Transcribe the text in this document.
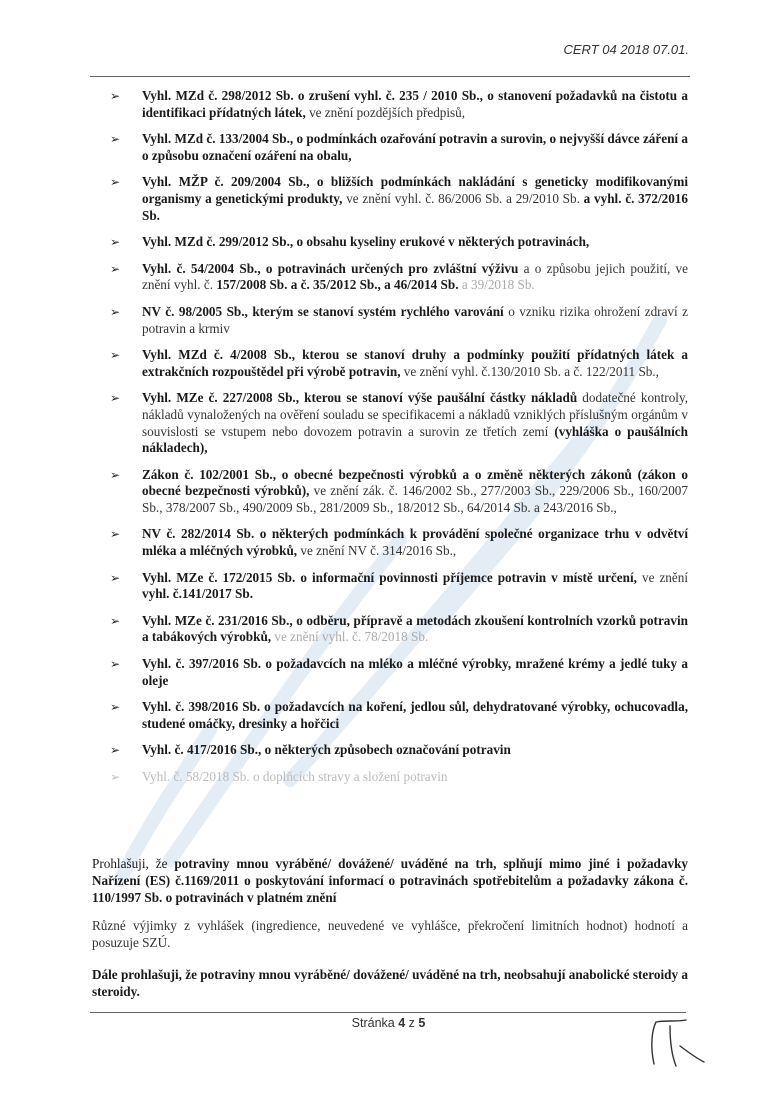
CERT 04 2018 07.01.
➢ Vyhl. MZd č. 298/2012 Sb. o zrušení vyhl. č. 235 / 2010 Sb., o stanovení požadavků na čistotu a identifikaci přídatných látek, ve znění pozdějších předpisů,
➢ Vyhl. MZd č. 133/2004 Sb., o podmínkách ozařování potravin a surovin, o nejvyšší dávce záření a o způsobu označení ozáření na obalu,
➢ Vyhl. MŽP č. 209/2004 Sb., o bližších podmínkách nakládání s geneticky modifikovanými organismy a genetickými produkty, ve znění vyhl. č. 86/2006 Sb. a 29/2010 Sb. a vyhl. č. 372/2016 Sb.
➢ Vyhl. MZd č. 299/2012 Sb., o obsahu kyseliny erukové v některých potravinách,
➢ Vyhl. č. 54/2004 Sb., o potravinách určených pro zvláštní výživu a o způsobu jejich použití, ve znění vyhl. č. 157/2008 Sb. a č. 35/2012 Sb., a 46/2014 Sb. a 39/2018 Sb.
➢ NV č. 98/2005 Sb., kterým se stanoví systém rychlého varování o vzniku rizika ohrožení zdraví z potravin a krmiv
➢ Vyhl. MZd č. 4/2008 Sb., kterou se stanoví druhy a podmínky použití přídatných látek a extrakčních rozpouštědel při výrobě potravin, ve znění vyhl. č.130/2010 Sb. a č. 122/2011 Sb.,
➢ Vyhl. MZe č. 227/2008 Sb., kterou se stanoví výše paušální částky nákladů dodatečné kontroly, nákladů vynaložených na ověření souladu se specifikacemi a nákladů vzniklých příslušným orgánům v souvislosti se vstupem nebo dovozem potravin a surovin ze třetích zemí (vyhláška o paušálních nákladech),
➢ Zákon č. 102/2001 Sb., o obecné bezpečnosti výrobků a o změně některých zákonů (zákon o obecné bezpečnosti výrobků), ve znění zák. č. 146/2002 Sb., 277/2003 Sb., 229/2006 Sb., 160/2007 Sb., 378/2007 Sb., 490/2009 Sb., 281/2009 Sb., 18/2012 Sb., 64/2014 Sb. a 243/2016 Sb.,
➢ NV č. 282/2014 Sb. o některých podmínkách k provádění společné organizace trhu v odvětví mléka a mléčných výrobků, ve znění NV č. 314/2016 Sb.,
➢ Vyhl. MZe č. 172/2015 Sb. o informační povinnosti příjemce potravin v místě určení, ve znění vyhl. č.141/2017 Sb.
➢ Vyhl. MZe č. 231/2016 Sb., o odběru, přípravě a metodách zkoušení kontrolních vzorků potravin a tabákových výrobků, ve znění vyhl. č. 78/2018 Sb.
➢ Vyhl. č. 397/2016 Sb. o požadavcích na mléko a mléčné výrobky, mražené krémy a jedlé tuky a oleje
➢ Vyhl. č. 398/2016 Sb. o požadavcích na koření, jedlou sůl, dehydratované výrobky, ochucovadla, studené omáčky, dresinky a hořčici
➢ Vyhl. č. 417/2016 Sb., o některých způsobech označování potravin
➢ Vyhl. č. 58/2018 Sb. o doplňcích stravy a složení potravin

Prohlašuji, že potraviny mnou vyráběné/ dovážené/ uváděné na trh, splňují mimo jiné i požadavky Nařízení (ES) č.1169/2011 o poskytování informací o potravinách spotřebitelům a požadavky zákona č. 110/1997 Sb. o potravinách v platném znění

Různé výjimky z vyhlášek (ingredience, neuvedené ve vyhlášce, překročení limitních hodnot) hodnotí a posuzuje SZÚ.

Dále prohlašuji, že potraviny mnou vyráběné/ dovážené/ uváděné na trh, neobsahují anabolické steroidy a steroidy.

Stránka 4 z 5
